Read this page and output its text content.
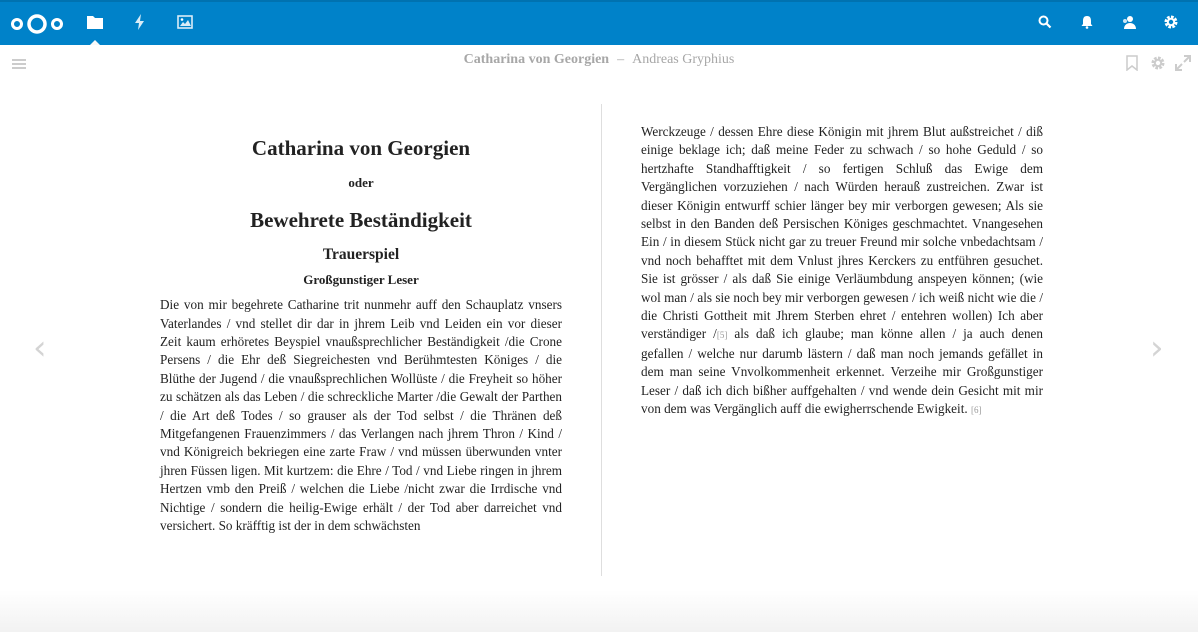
Catharina von Georgien – Andreas Gryphius
‹	›
Catharina von Georgien
oder
Bewehrete Beständigkeit
Trauerspiel
Großgunstiger Leser

Die von mir begehrete Catharine trit nunmehr auff den Schauplatz vnsers Vaterlandes / vnd stellet dir dar in jhrem Leib vnd Leiden ein vor dieser Zeit kaum erhöretes Beyspiel vnaußsprechlicher Beständigkeit /die Crone Persens / die Ehr deß Siegreichesten vnd Berühmtesten Königes / die Blüthe der Jugend / die vnaußsprechlichen Wollüste / die Freyheit so höher zu schätzen als das Leben / die schreckliche Marter /die Gewalt der Parthen / die Art deß Todes / so grauser als der Tod selbst / die Thränen deß Mitgefangenen Frauenzimmers / das Verlangen nach jhrem Thron / Kind / vnd Königreich bekriegen eine zarte Fraw / vnd müssen überwunden vnter jhren Füssen ligen. Mit kurtzem: die Ehre / Tod / vnd Liebe ringen in jhrem Hertzen vmb den Preiß / welchen die Liebe /nicht zwar die Irrdische vnd Nichtige / sondern die heilig-Ewige erhält / der Tod aber darreichet vnd versichert. So kräfftig ist der in dem schwächsten

Werckzeuge / dessen Ehre diese Königin mit jhrem Blut außstreichet / diß einige beklage ich; daß meine Feder zu schwach / so hohe Geduld / so hertzhafte Standhafftigkeit / so fertigen Schluß das Ewige dem Vergänglichen vorzuziehen / nach Würden herauß zustreichen. Zwar ist dieser Königin entwurff schier länger bey mir verborgen gewesen; Als sie selbst in den Banden deß Persischen Königes geschmachtet. Vnangesehen Ein / in diesem Stück nicht gar zu treuer Freund mir solche vnbedachtsam / vnd noch behafftet mit dem Vnlust jhres Kerckers zu entführen gesuchet. Sie ist grösser / als daß Sie einige Verläumbdung anspeyen können; (wie wol man / als sie noch bey mir verborgen gewesen / ich weiß nicht wie die / die Christi Gottheit mit Jhrem Sterben ehret / entehren wollen) Ich aber verständiger /[5] als daß ich glaube; man könne allen / ja auch denen gefallen / welche nur darumb lästern / daß man noch jemands gefället in dem man seine Vnvolkommenheit erkennet. Verzeihe mir Großgunstiger Leser / daß ich dich bißher auffgehalten / vnd wende dein Gesicht mit mir von dem was Vergänglich auff die ewigherrschende Ewigkeit. [6]
